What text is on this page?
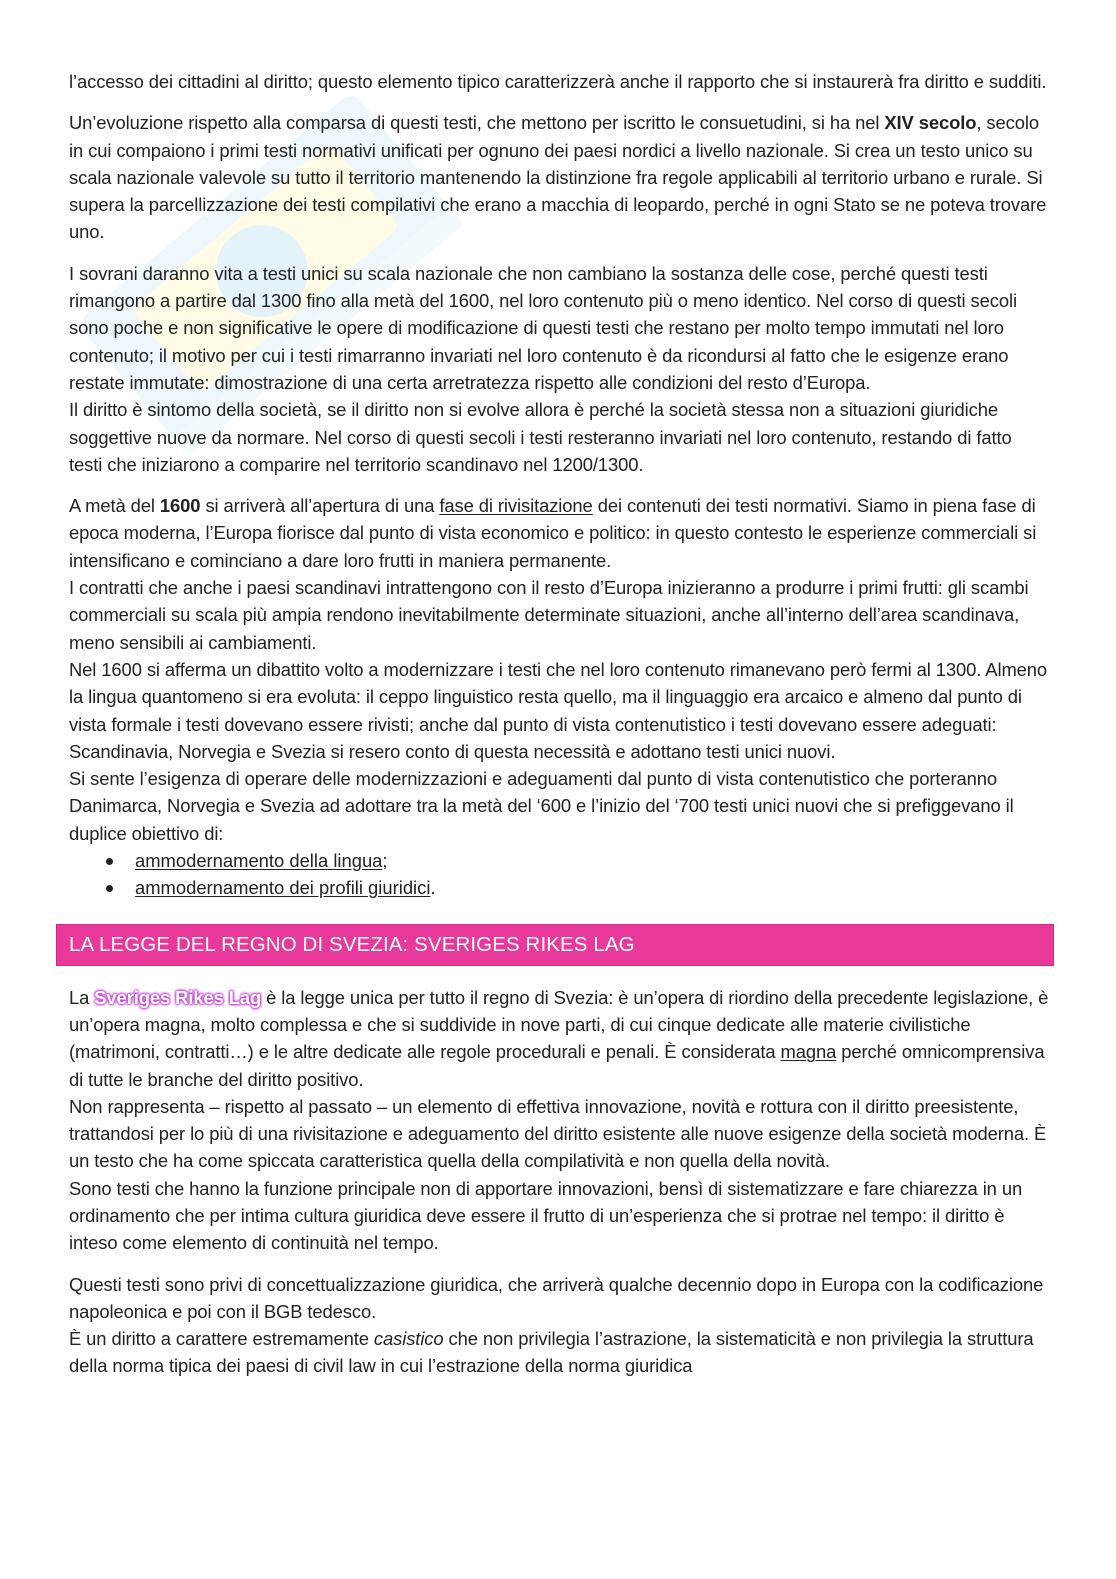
l’accesso dei cittadini al diritto; questo elemento tipico caratterizzerà anche il rapporto che si instaurerà fra diritto e sudditi.

Un’evoluzione rispetto alla comparsa di questi testi, che mettono per iscritto le consuetudini, si ha nel XIV secolo, secolo in cui compaiono i primi testi normativi unificati per ognuno dei paesi nordici a livello nazionale. Si crea un testo unico su scala nazionale valevole su tutto il territorio mantenendo la distinzione fra regole applicabili al territorio urbano e rurale. Si supera la parcellizzazione dei testi compilativi che erano a macchia di leopardo, perché in ogni Stato se ne poteva trovare uno.

I sovrani daranno vita a testi unici su scala nazionale che non cambiano la sostanza delle cose, perché questi testi rimangono a partire dal 1300 fino alla metà del 1600, nel loro contenuto più o meno identico. Nel corso di questi secoli sono poche e non significative le opere di modificazione di questi testi che restano per molto tempo immutati nel loro contenuto; il motivo per cui i testi rimarranno invariati nel loro contenuto è da ricondursi al fatto che le esigenze erano restate immutate: dimostrazione di una certa arretratezza rispetto alle condizioni del resto d’Europa.

Il diritto è sintomo della società, se il diritto non si evolve allora è perché la società stessa non a situazioni giuridiche soggettive nuove da normare. Nel corso di questi secoli i testi resteranno invariati nel loro contenuto, restando di fatto testi che iniziarono a comparire nel territorio scandinavo nel 1200/1300.

A metà del 1600 si arriverà all’apertura di una fase di rivisitazione dei contenuti dei testi normativi. Siamo in piena fase di epoca moderna, l’Europa fiorisce dal punto di vista economico e politico: in questo contesto le esperienze commerciali si intensificano e cominciano a dare loro frutti in maniera permanente.

I contratti che anche i paesi scandinavi intrattengono con il resto d’Europa inizieranno a produrre i primi frutti: gli scambi commerciali su scala più ampia rendono inevitabilmente determinate situazioni, anche all’interno dell’area scandinava, meno sensibili ai cambiamenti.

Nel 1600 si afferma un dibattito volto a modernizzare i testi che nel loro contenuto rimanevano però fermi al 1300. Almeno la lingua quantomeno si era evoluta: il ceppo linguistico resta quello, ma il linguaggio era arcaico e almeno dal punto di vista formale i testi dovevano essere rivisti; anche dal punto di vista contenutistico i testi dovevano essere adeguati: Scandinavia, Norvegia e Svezia si resero conto di questa necessità e adottano testi unici nuovi.

Si sente l’esigenza di operare delle modernizzazioni e adeguamenti dal punto di vista contenutistico che porteranno Danimarca, Norvegia e Svezia ad adottare tra la metà del ‘600 e l’inizio del ‘700 testi unici nuovi che si prefiggevano il duplice obiettivo di:

ammodernamento della lingua;
ammodernamento dei profili giuridici.
LA LEGGE DEL REGNO DI SVEZIA: SVERIGES RIKES LAG

La Sveriges Rikes Lag è la legge unica per tutto il regno di Svezia: è un’opera di riordino della precedente legislazione, è un’opera magna, molto complessa e che si suddivide in nove parti, di cui cinque dedicate alle materie civilistiche (matrimoni, contratti…) e le altre dedicate alle regole procedurali e penali. È considerata magna perché omnicomprensiva di tutte le branche del diritto positivo.

Non rappresenta – rispetto al passato – un elemento di effettiva innovazione, novità e rottura con il diritto preesistente, trattandosi per lo più di una rivisitazione e adeguamento del diritto esistente alle nuove esigenze della società moderna. È un testo che ha come spiccata caratteristica quella della compilatività e non quella della novità.

Sono testi che hanno la funzione principale non di apportare innovazioni, bensì di sistematizzare e fare chiarezza in un ordinamento che per intima cultura giuridica deve essere il frutto di un’esperienza che si protrae nel tempo: il diritto è inteso come elemento di continuità nel tempo.

Questi testi sono privi di concettualizzazione giuridica, che arriverà qualche decennio dopo in Europa con la codificazione napoleonica e poi con il BGB tedesco.

È un diritto a carattere estremamente casistico che non privilegia l’astrazione, la sistematicità e non privilegia la struttura della norma tipica dei paesi di civil law in cui l’estrazione della norma giuridica
